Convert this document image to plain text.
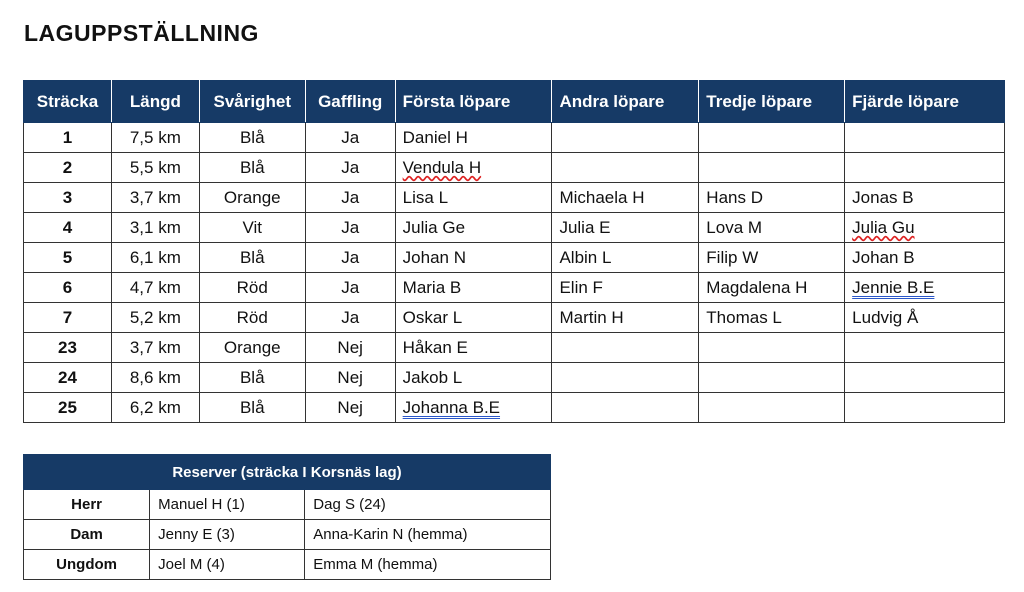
LAGUPPSTÄLLNING
Sträcka	Längd	Svårighet	Gaffling	Första löpare	Andra löpare	Tredje löpare	Fjärde löpare
1	7,5 km	Blå	Ja	Daniel H			
2	5,5 km	Blå	Ja	Vendula H			
3	3,7 km	Orange	Ja	Lisa L	Michaela H	Hans D	Jonas B
4	3,1 km	Vit	Ja	Julia Ge	Julia E	Lova M	Julia Gu
5	6,1 km	Blå	Ja	Johan N	Albin L	Filip W	Johan B
6	4,7 km	Röd	Ja	Maria B	Elin F	Magdalena H	Jennie B.E
7	5,2 km	Röd	Ja	Oskar L	Martin H	Thomas L	Ludvig Å
23	3,7 km	Orange	Nej	Håkan E			
24	8,6 km	Blå	Nej	Jakob L			
25	6,2 km	Blå	Nej	Johanna B.E			
Reserver (sträcka I Korsnäs lag)		
Herr	Manuel H (1)	Dag S (24)
Dam	Jenny E (3)	Anna-Karin N (hemma)
Ungdom	Joel M (4)	Emma M (hemma)
